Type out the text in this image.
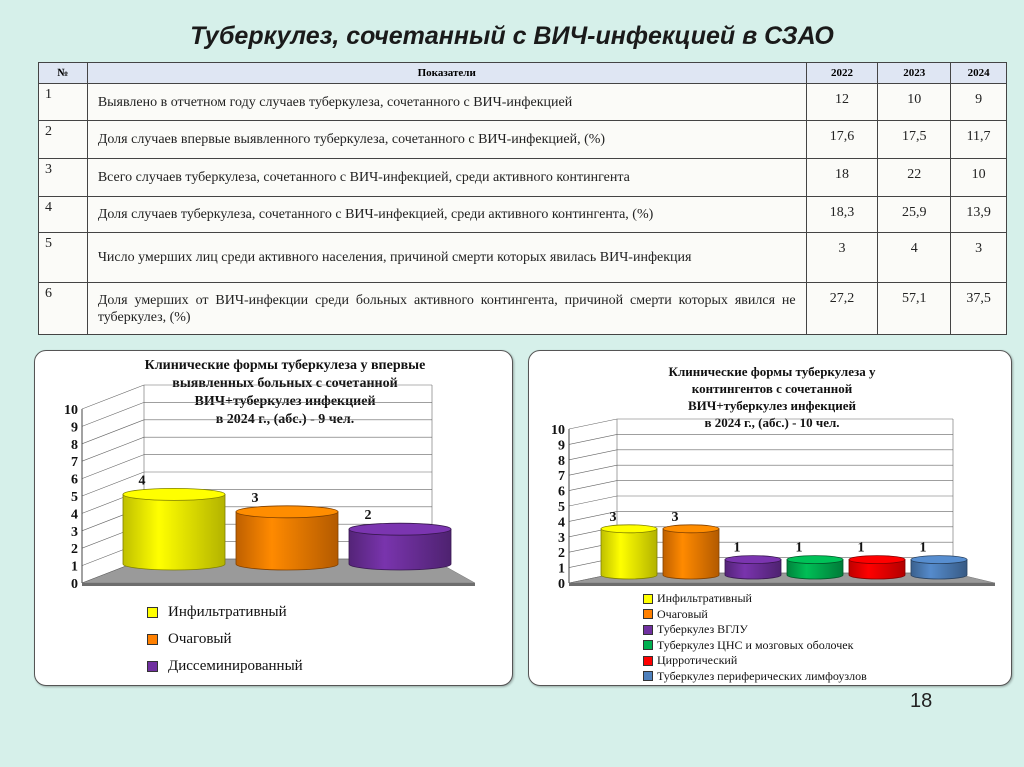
Туберкулез, сочетанный с ВИЧ-инфекцией в СЗАО
№	Показатели	2022	2023	2024
1	Выявлено в отчетном году случаев туберкулеза, сочетанного с ВИЧ-инфекцией	12	10	9
2	Доля случаев впервые выявленного туберкулеза, сочетанного с ВИЧ-инфекцией, (%)	17,6	17,5	11,7
3	Всего случаев туберкулеза, сочетанного с ВИЧ-инфекцией, среди активного контингента	18	22	10
4	Доля случаев туберкулеза, сочетанного с ВИЧ-инфекцией, среди активного контингента, (%)	18,3	25,9	13,9
5	Число умерших лиц среди активного населения, причиной смерти которых явилась ВИЧ-инфекция	3	4	3
6	Доля умерших от ВИЧ-инфекции среди больных активного контингента, причиной смерти которых явился не туберкулез, (%)	27,2	57,1	37,5
Клинические формы туберкулеза у впервые
выявленных больных с сочетанной
ВИЧ+туберкулез инфекцией
в 2024 г., (абс.) - 9 чел.
0
1
2
3
4
5
6
7
8
9
10
4
3
2
Инфильтративный
Очаговый
Диссеминированный
Клинические формы туберкулеза у
контингентов с сочетанной
ВИЧ+туберкулез инфекцией
в 2024 г., (абс.) - 10 чел.
0
1
2
3
4
5
6
7
8
9
10
3	3
1	1	1	1
Инфильтративный
Очаговый
Туберкулез ВГЛУ
Туберкулез ЦНС и мозговых оболочек
Цирротический
Туберкулез периферических лимфоузлов
18
